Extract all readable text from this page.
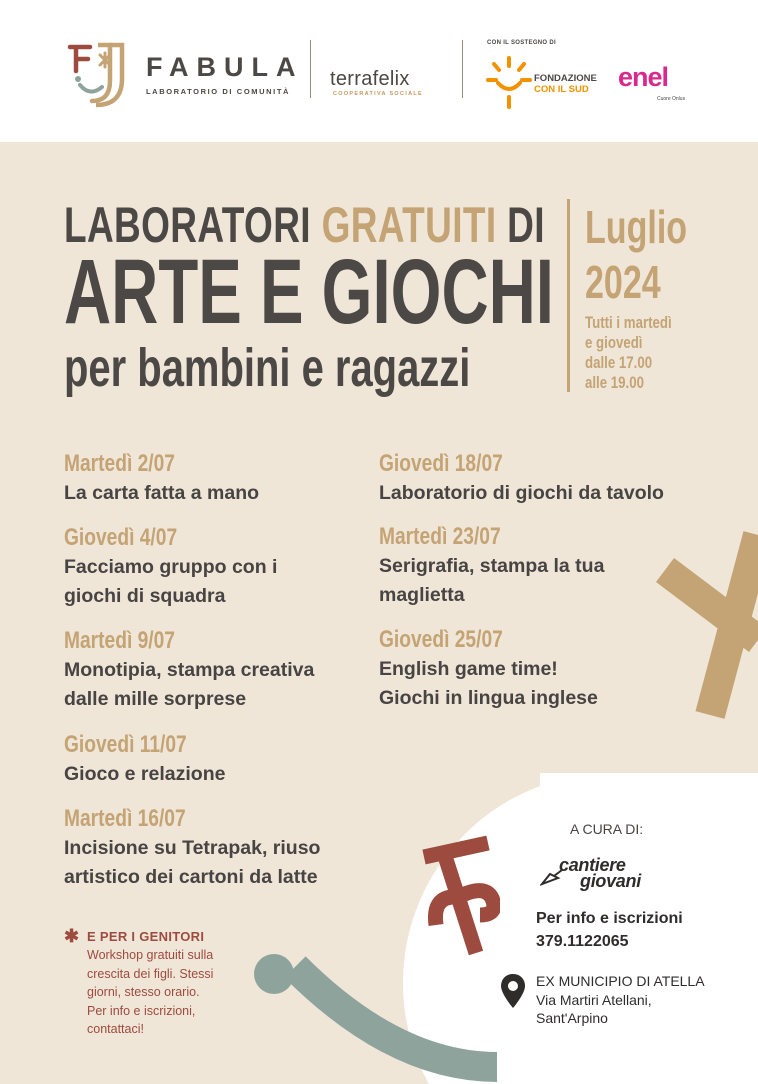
FABULA
LABORATORIO DI COMUNITÀ
terrafelix
COOPERATIVA SOCIALE
CON IL SOSTEGNO DI
FONDAZIONE
CON IL SUD enel
Cuore Onlus
LABORATORI GRATUITI DI
ARTE E GIOCHI
per bambini e ragazzi
Luglio
2024
Tutti i martedì
e giovedì
dalle 17.00
alle 19.00
Martedì 2/07
La carta fatta a mano
Giovedì 4/07
Facciamo gruppo con i
giochi di squadra
Martedì 9/07
Monotipia, stampa creativa
dalle mille sorprese
Giovedì 11/07
Gioco e relazione
Martedì 16/07
Incisione su Tetrapak, riuso
artistico dei cartoni da latte
Giovedì 18/07
Laboratorio di giochi da tavolo
Martedì 23/07
Serigrafia, stampa la tua
maglietta
Giovedì 25/07
English game time!
Giochi in lingua inglese
✱ E PER I GENITORI
Workshop gratuiti sulla
crescita dei figli. Stessi
giorni, stesso orario.
Per info e iscrizioni,
contattaci!
A CURA DI:
cantiere
giovani
Per info e iscrizioni
379.1122065
EX MUNICIPIO DI ATELLA
Via Martiri Atellani,
Sant'Arpino
